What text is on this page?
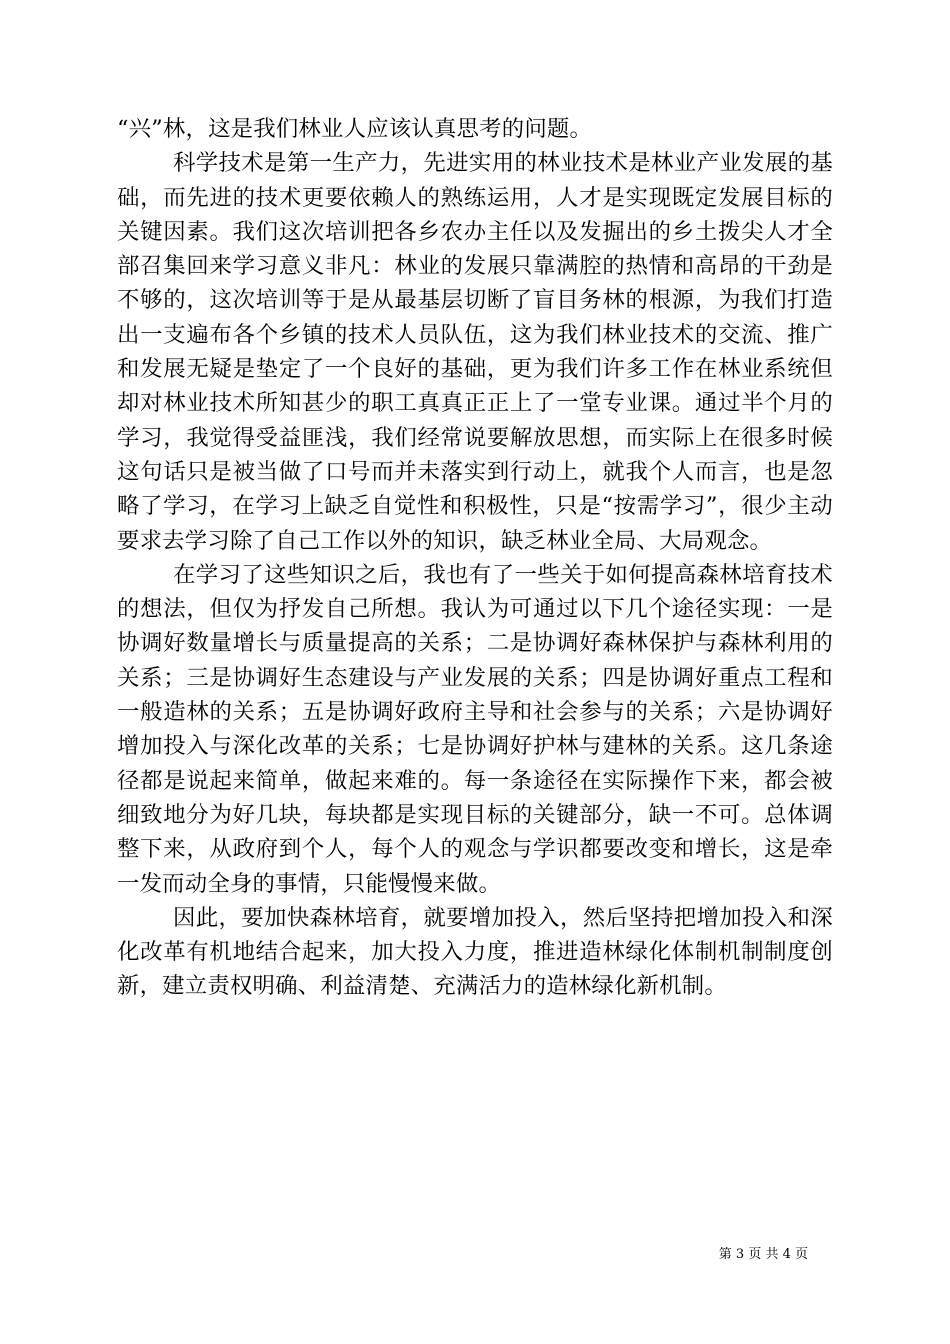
“兴”林，这是我们林业人应该认真思考的问题。

科学技术是第一生产力，先进实用的林业技术是林业产业发展的基础，而先进的技术更要依赖人的熟练运用，人才是实现既定发展目标的关键因素。我们这次培训把各乡农办主任以及发掘出的乡土拨尖人才全部召集回来学习意义非凡：林业的发展只靠满腔的热情和高昂的干劲是不够的，这次培训等于是从最基层切断了盲目务林的根源，为我们打造出一支遍布各个乡镇的技术人员队伍，这为我们林业技术的交流、推广和发展无疑是垫定了一个良好的基础，更为我们许多工作在林业系统但却对林业技术所知甚少的职工真真正正上了一堂专业课。通过半个月的学习，我觉得受益匪浅，我们经常说要解放思想，而实际上在很多时候这句话只是被当做了口号而并未落实到行动上，就我个人而言，也是忽略了学习，在学习上缺乏自觉性和积极性，只是“按需学习”，很少主动要求去学习除了自己工作以外的知识，缺乏林业全局、大局观念。

在学习了这些知识之后，我也有了一些关于如何提高森林培育技术的想法，但仅为抒发自己所想。我认为可通过以下几个途径实现：一是协调好数量增长与质量提高的关系；二是协调好森林保护与森林利用的关系；三是协调好生态建设与产业发展的关系；四是协调好重点工程和一般造林的关系；五是协调好政府主导和社会参与的关系；六是协调好增加投入与深化改革的关系；七是协调好护林与建林的关系。这几条途径都是说起来简单，做起来难的。每一条途径在实际操作下来，都会被细致地分为好几块，每块都是实现目标的关键部分，缺一不可。总体调整下来，从政府到个人，每个人的观念与学识都要改变和增长，这是牵一发而动全身的事情，只能慢慢来做。

因此，要加快森林培育，就要增加投入，然后坚持把增加投入和深化改革有机地结合起来，加大投入力度，推进造林绿化体制机制制度创新，建立责权明确、利益清楚、充满活力的造林绿化新机制。

第 3 页 共 4 页
